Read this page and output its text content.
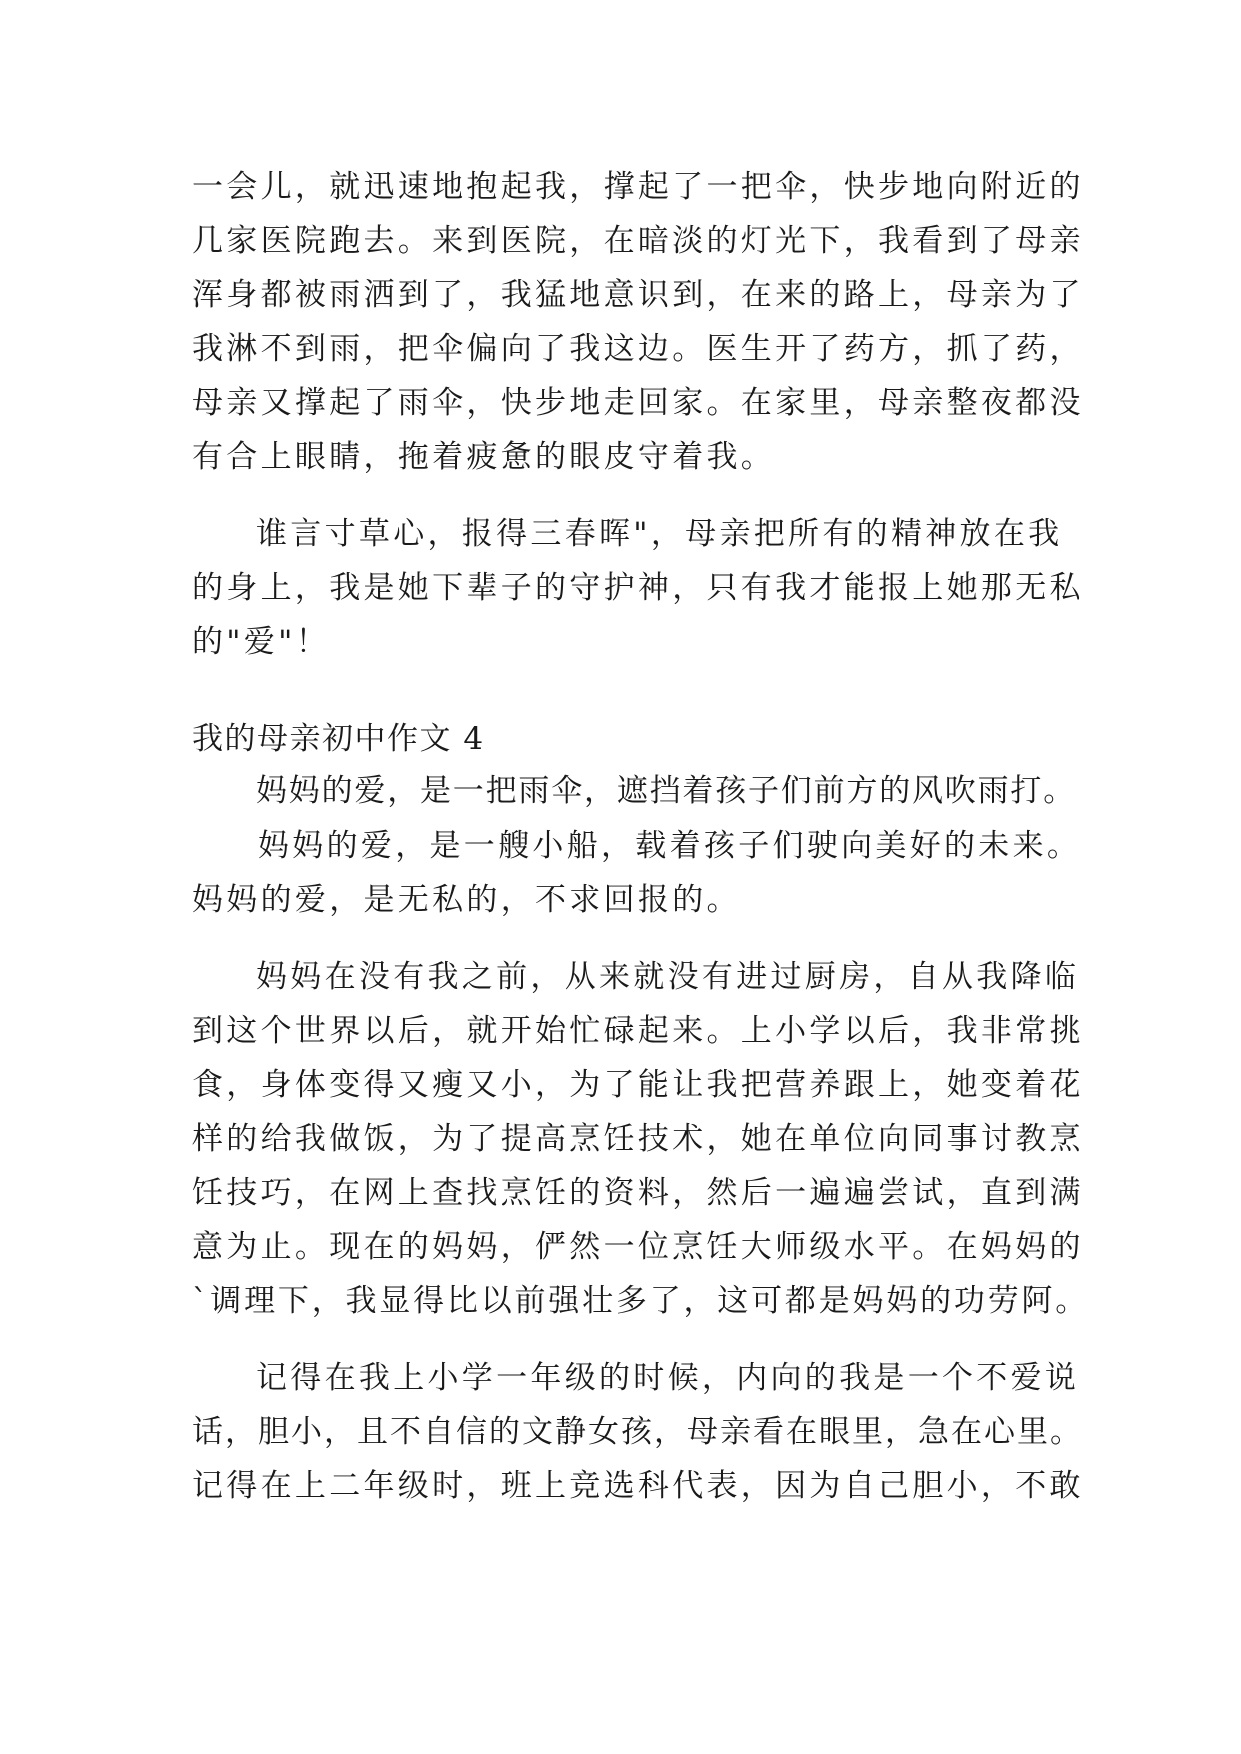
一会儿，就迅速地抱起我，撑起了一把伞，快步地向附近的
几家医院跑去。来到医院，在暗淡的灯光下，我看到了母亲
浑身都被雨洒到了，我猛地意识到，在来的路上，母亲为了
我淋不到雨，把伞偏向了我这边。医生开了药方，抓了药，
母亲又撑起了雨伞，快步地走回家。在家里，母亲整夜都没
有合上眼睛，拖着疲惫的眼皮守着我。
谁言寸草心，报得三春晖"，母亲把所有的精神放在我
的身上，我是她下辈子的守护神，只有我才能报上她那无私
的"爱"！
我的母亲初中作文 4
妈妈的爱，是一把雨伞，遮挡着孩子们前方的风吹雨打。
妈妈的爱，是一艘小船，载着孩子们驶向美好的未来。
妈妈的爱，是无私的，不求回报的。
妈妈在没有我之前，从来就没有进过厨房，自从我降临
到这个世界以后，就开始忙碌起来。上小学以后，我非常挑
食，身体变得又瘦又小，为了能让我把营养跟上，她变着花
样的给我做饭，为了提高烹饪技术，她在单位向同事讨教烹
饪技巧，在网上查找烹饪的资料，然后一遍遍尝试，直到满
意为止。现在的妈妈，俨然一位烹饪大师级水平。在妈妈的
`调理下，我显得比以前强壮多了，这可都是妈妈的功劳阿。
记得在我上小学一年级的时候，内向的我是一个不爱说
话，胆小，且不自信的文静女孩，母亲看在眼里，急在心里。
记得在上二年级时，班上竞选科代表，因为自己胆小，不敢
